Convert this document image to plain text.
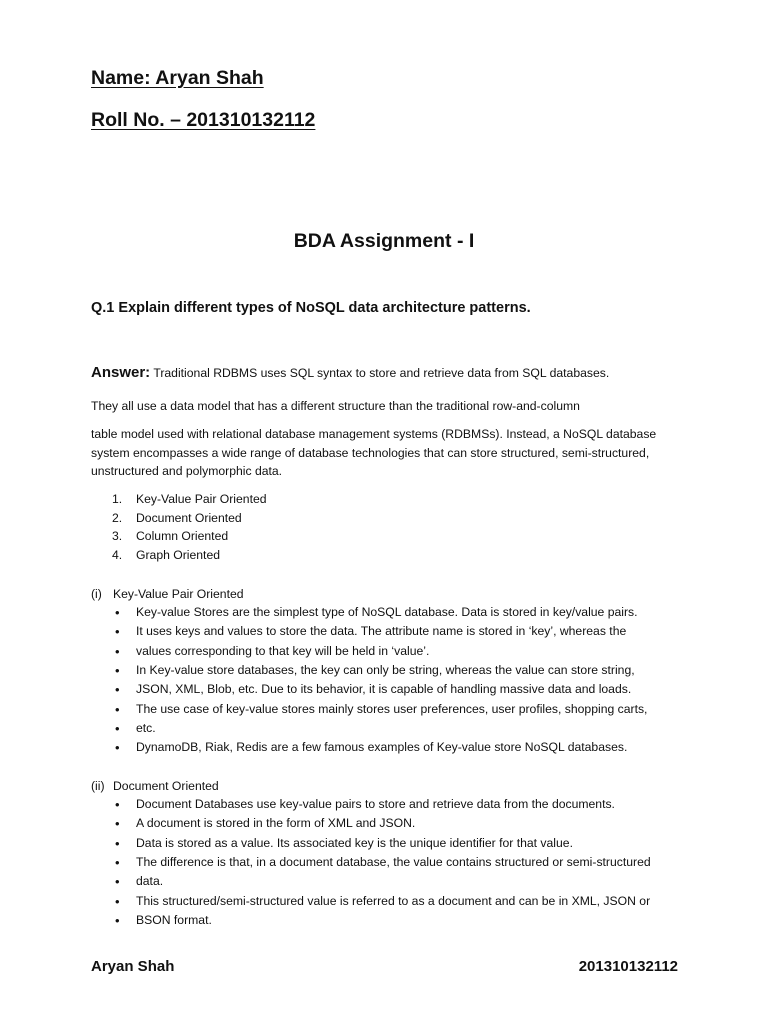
Name: Aryan Shah

Roll No. – 201310132112

BDA Assignment - I

Q.1 Explain different types of NoSQL data architecture patterns.

Answer: Traditional RDBMS uses SQL syntax to store and retrieve data from SQL databases.

They all use a data model that has a different structure than the traditional row-and-column

table model used with relational database management systems (RDBMSs). Instead, a NoSQL database
system encompasses a wide range of database technologies that can store structured, semi-structured,
unstructured and polymorphic data.
1. Key-Value Pair Oriented
2. Document Oriented
3. Column Oriented
4. Graph Oriented

(i) Key-Value Pair Oriented

• Key-value Stores are the simplest type of NoSQL database. Data is stored in key/value pairs.
• It uses keys and values to store the data. The attribute name is stored in ‘key’, whereas the
• values corresponding to that key will be held in ‘value’.
• In Key-value store databases, the key can only be string, whereas the value can store string,
• JSON, XML, Blob, etc. Due to its behavior, it is capable of handling massive data and loads.
• The use case of key-value stores mainly stores user preferences, user profiles, shopping carts,
• etc.
• DynamoDB, Riak, Redis are a few famous examples of Key-value store NoSQL databases.

(ii) Document Oriented

• Document Databases use key-value pairs to store and retrieve data from the documents.
• A document is stored in the form of XML and JSON.
• Data is stored as a value. Its associated key is the unique identifier for that value.
• The difference is that, in a document database, the value contains structured or semi-structured
• data.
• This structured/semi-structured value is referred to as a document and can be in XML, JSON or
• BSON format.

Aryan Shah	201310132112
